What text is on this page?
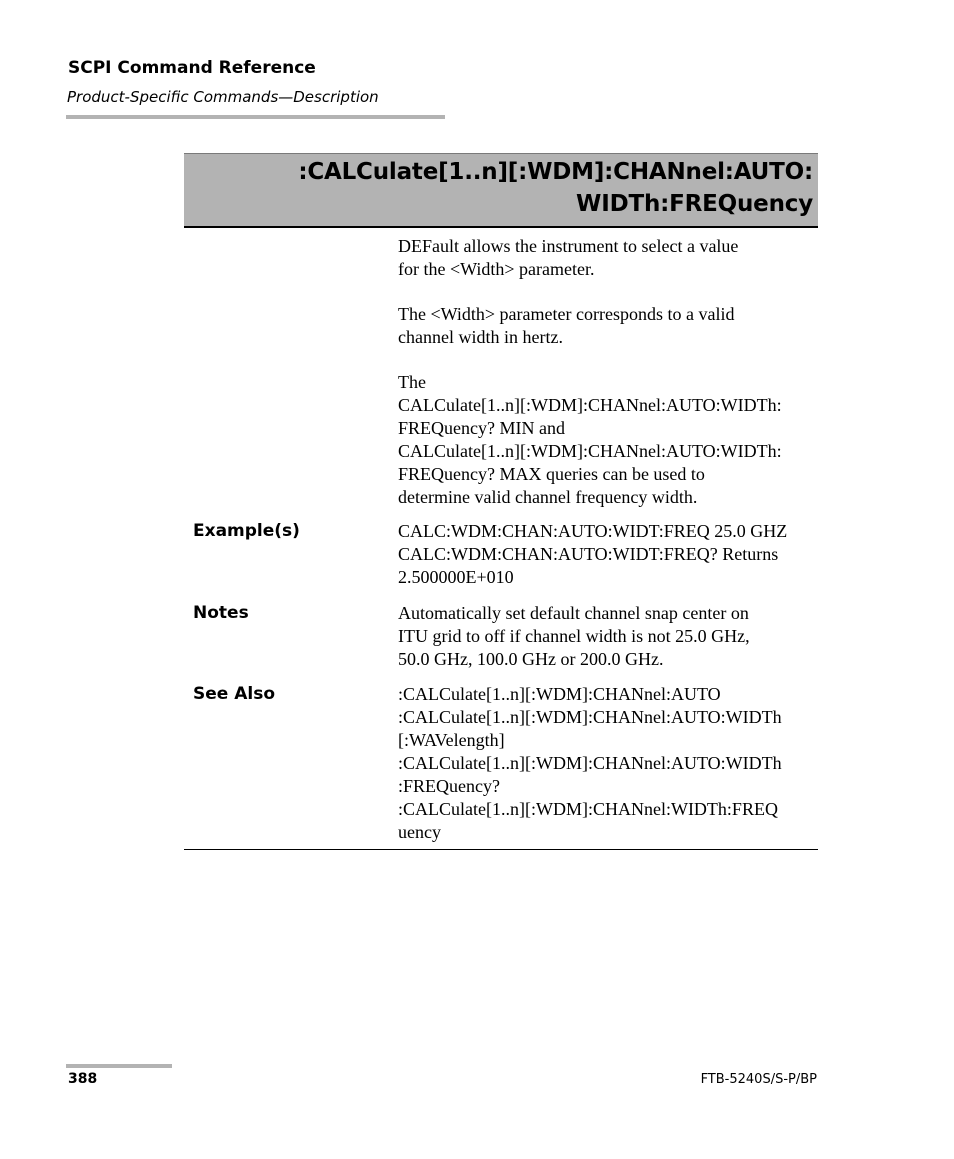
SCPI Command Reference
Product-Specific Commands—Description
:CALCulate[1..n][:WDM]:CHANnel:AUTO:
WIDTh:FREQuency
DEFault allows the instrument to select a value
for the <Width> parameter.
The <Width> parameter corresponds to a valid
channel width in hertz.
The
CALCulate[1..n][:WDM]:CHANnel:AUTO:WIDTh:
FREQuency? MIN and
CALCulate[1..n][:WDM]:CHANnel:AUTO:WIDTh:
FREQuency? MAX queries can be used to
determine valid channel frequency width.
Example(s)	CALC:WDM:CHAN:AUTO:WIDT:FREQ 25.0 GHZ
CALC:WDM:CHAN:AUTO:WIDT:FREQ? Returns
2.500000E+010
Notes	Automatically set default channel snap center on
ITU grid to off if channel width is not 25.0 GHz,
50.0 GHz, 100.0 GHz or 200.0 GHz.
See Also	:CALCulate[1..n][:WDM]:CHANnel:AUTO
:CALCulate[1..n][:WDM]:CHANnel:AUTO:WIDTh
[:WAVelength]
:CALCulate[1..n][:WDM]:CHANnel:AUTO:WIDTh
:FREQuency?
:CALCulate[1..n][:WDM]:CHANnel:WIDTh:FREQ
uency
388	FTB-5240S/S-P/BP
